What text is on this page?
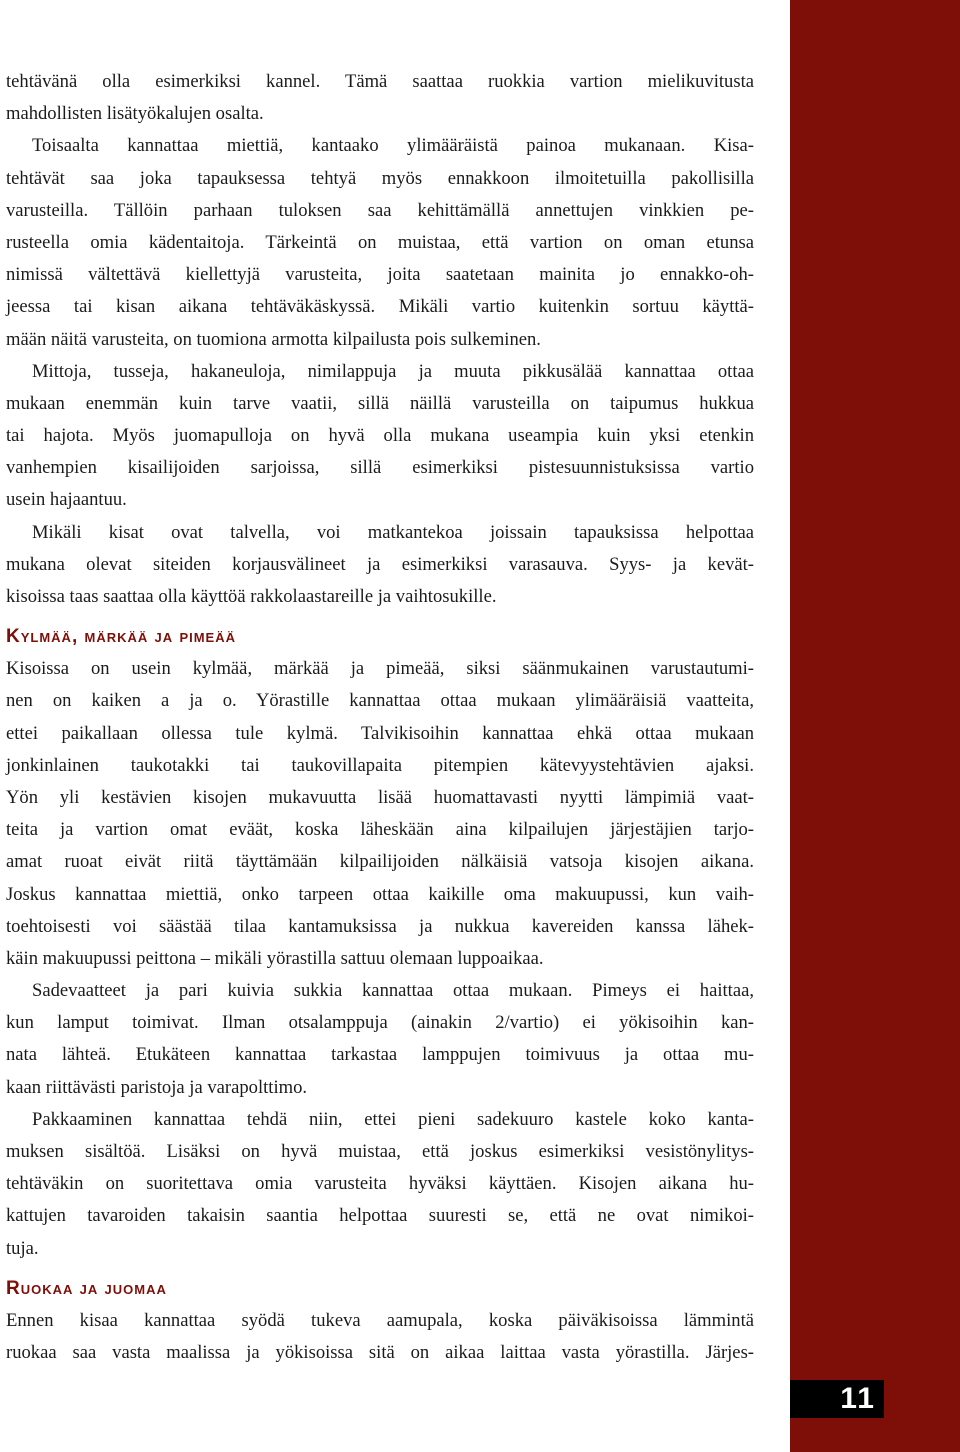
11
tehtävänä olla esimerkiksi kannel. Tämä saattaa ruokkia vartion mielikuvitusta
mahdollisten lisätyökalujen osalta.
Toisaalta kannattaa miettiä, kantaako ylimääräistä painoa mukanaan. Kisa-
tehtävät saa joka tapauksessa tehtyä myös ennakkoon ilmoitetuilla pakollisilla
varusteilla. Tällöin parhaan tuloksen saa kehittämällä annettujen vinkkien pe-
rusteella omia kädentaitoja. Tärkeintä on muistaa, että vartion on oman etunsa
nimissä vältettävä kiellettyjä varusteita, joita saatetaan mainita jo ennakko-oh-
jeessa tai kisan aikana tehtäväkäskyssä. Mikäli vartio kuitenkin sortuu käyttä-
mään näitä varusteita, on tuomiona armotta kilpailusta pois sulkeminen.
Mittoja, tusseja, hakaneuloja, nimilappuja ja muuta pikkusälää kannattaa ottaa
mukaan enemmän kuin tarve vaatii, sillä näillä varusteilla on taipumus hukkua
tai hajota. Myös juomapulloja on hyvä olla mukana useampia kuin yksi etenkin
vanhempien kisailijoiden sarjoissa, sillä esimerkiksi pistesuunnistuksissa vartio
usein hajaantuu.
Mikäli kisat ovat talvella, voi matkantekoa joissain tapauksissa helpottaa
mukana olevat siteiden korjausvälineet ja esimerkiksi varasauva. Syys- ja kevät-
kisoissa taas saattaa olla käyttöä rakkolaastareille ja vaihtosukille.
Kylmää, märkää ja pimeää
Kisoissa on usein kylmää, märkää ja pimeää, siksi säänmukainen varustautumi-
nen on kaiken a ja o. Yörastille kannattaa ottaa mukaan ylimääräisiä vaatteita,
ettei paikallaan ollessa tule kylmä. Talvikisoihin kannattaa ehkä ottaa mukaan
jonkinlainen taukotakki tai taukovillapaita pitempien kätevyystehtävien ajaksi.
Yön yli kestävien kisojen mukavuutta lisää huomattavasti nyytti lämpimiä vaat-
teita ja vartion omat eväät, koska läheskään aina kilpailujen järjestäjien tarjo-
amat ruoat eivät riitä täyttämään kilpailijoiden nälkäisiä vatsoja kisojen aikana.
Joskus kannattaa miettiä, onko tarpeen ottaa kaikille oma makuupussi, kun vaih-
toehtoisesti voi säästää tilaa kantamuksissa ja nukkua kavereiden kanssa lähek-
käin makuupussi peittona – mikäli yörastilla sattuu olemaan luppoaikaa.
Sadevaatteet ja pari kuivia sukkia kannattaa ottaa mukaan. Pimeys ei haittaa,
kun lamput toimivat. Ilman otsalamppuja (ainakin 2/vartio) ei yökisoihin kan-
nata lähteä. Etukäteen kannattaa tarkastaa lamppujen toimivuus ja ottaa mu-
kaan riittävästi paristoja ja varapolttimo.
Pakkaaminen kannattaa tehdä niin, ettei pieni sadekuuro kastele koko kanta-
muksen sisältöä. Lisäksi on hyvä muistaa, että joskus esimerkiksi vesistönylitys-
tehtäväkin on suoritettava omia varusteita hyväksi käyttäen. Kisojen aikana hu-
kattujen tavaroiden takaisin saantia helpottaa suuresti se, että ne ovat nimikoi-
tuja.
Ruokaa ja juomaa
Ennen kisaa kannattaa syödä tukeva aamupala, koska päiväkisoissa lämmintä
ruokaa saa vasta maalissa ja yökisoissa sitä on aikaa laittaa vasta yörastilla. Järjes-
